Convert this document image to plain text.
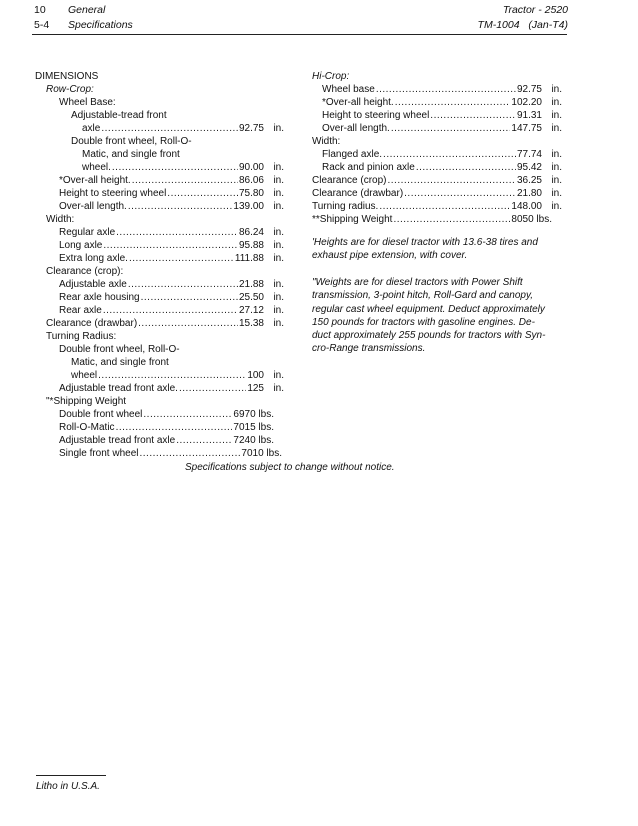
10 General
5-4 Specifications
Tractor - 2520
TM-1004 (Jan-T4)
DIMENSIONS
Row-Crop:
Wheel Base:
Adjustable-tread front
axle .....	92.75 in.
Double front wheel, Roll-O-
Matic, and single front
wheel. .....	90.00 in.
*Over-all height. .....	86.06 in.
Height to steering wheel .....	75.80 in.
Over-all length. .....	139.00 in.
Width:
Regular axle .....	86.24 in.
Long axle .....	95.88 in.
Extra long axle. .....	111.88 in.
Clearance (crop):
Adjustable axle .....	21.88 in.
Rear axle housing .....	25.50 in.
Rear axle .....	27.12 in.
Clearance (drawbar) .....	15.38 in.
Turning Radius:
Double front wheel, Roll-O-
Matic, and single front
wheel .....	100 in.
Adjustable tread front axle. .....	125 in.
"*Shipping Weight
Double front wheel .....	6970 lbs.
Roll-O-Matic .....	7015 lbs.
Adjustable tread front axle .....	7240 lbs.
Single front wheel .....	7010 lbs.
Hi-Crop:
Wheel base .....	92.75 in.
*Over-all height. .....	102.20 in.
Height to steering wheel .....	91.31 in.
Over-all length. .....	147.75 in.
Width:
Flanged axle. .....	77.74 in.
Rack and pinion axle .....	95.42 in.
Clearance (crop) .....	36.25 in.
Clearance (drawbar) .....	21.80 in.
Turning radius. .....	148.00 in.
**Shipping Weight .....	8050 lbs.
'Heights are for diesel tractor with 13.6-38 tires and
exhaust pipe extension, with cover.
"Weights are for diesel tractors with Power Shift
transmission, 3-point hitch, Roll-Gard and canopy,
regular cast wheel equipment. Deduct approximately
150 pounds for tractors with gasoline engines. De-
duct approximately 255 pounds for tractors with Syn-
cro-Range transmissions.
Specifications subject to change without notice.
Litho in U.S.A.
